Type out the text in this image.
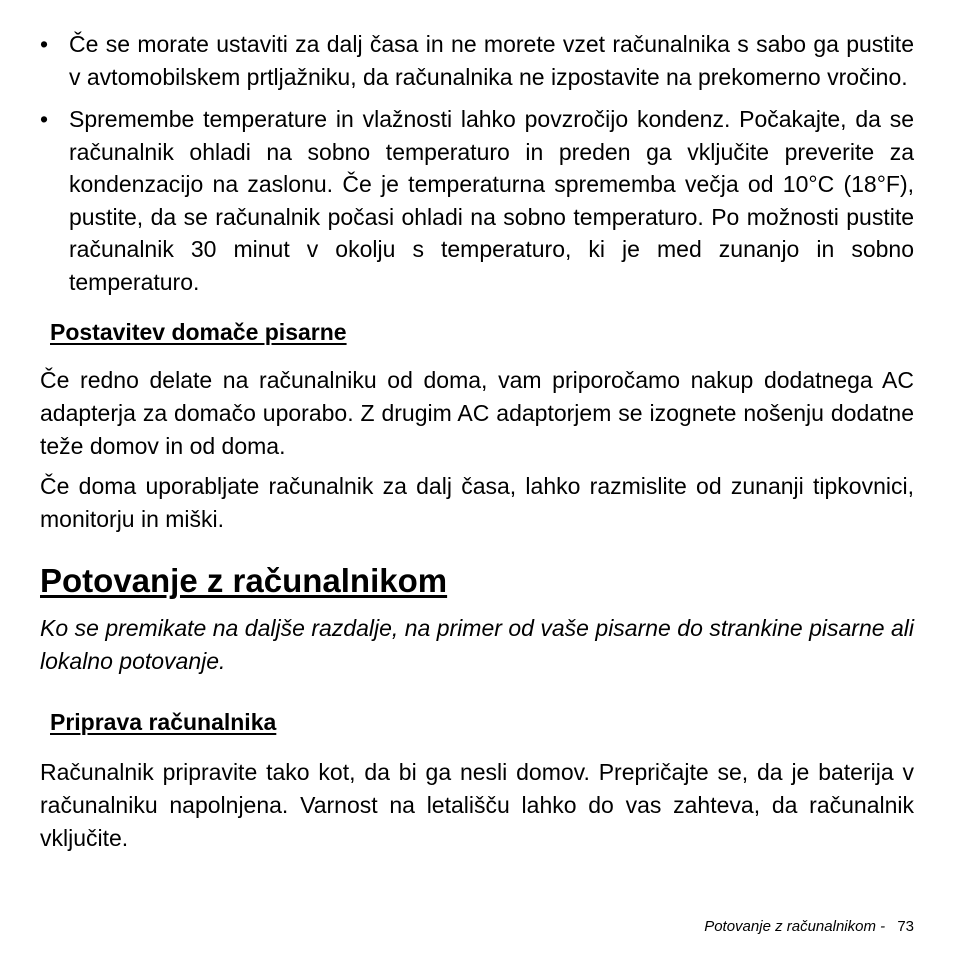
• Če se morate ustaviti za dalj časa in ne morete vzet računalnika s sabo ga pustite v avtomobilskem prtljažniku, da računalnika ne izpostavite na prekomerno vročino.
• Spremembe temperature in vlažnosti lahko povzročijo kondenz. Počakajte, da se računalnik ohladi na sobno temperaturo in preden ga vključite preverite za kondenzacijo na zaslonu. Če je temperaturna sprememba večja od 10°C (18°F), pustite, da se računalnik počasi ohladi na sobno temperaturo. Po možnosti pustite računalnik 30 minut v okolju s temperaturo, ki je med zunanjo in sobno temperaturo.
Postavitev domače pisarne

Če redno delate na računalniku od doma, vam priporočamo nakup dodatnega AC adapterja za domačo uporabo. Z drugim AC adaptorjem se izognete nošenju dodatne teže domov in od doma.

Če doma uporabljate računalnik za dalj časa, lahko razmislite od zunanji tipkovnici, monitorju in miški.

Potovanje z računalnikom

Ko se premikate na daljše razdalje, na primer od vaše pisarne do strankine pisarne ali lokalno potovanje.

Priprava računalnika

Računalnik pripravite tako kot, da bi ga nesli domov. Prepričajte se, da je baterija v računalniku napolnjena. Varnost na letališču lahko do vas zahteva, da računalnik vključite.

Potovanje z računalnikom - 73
